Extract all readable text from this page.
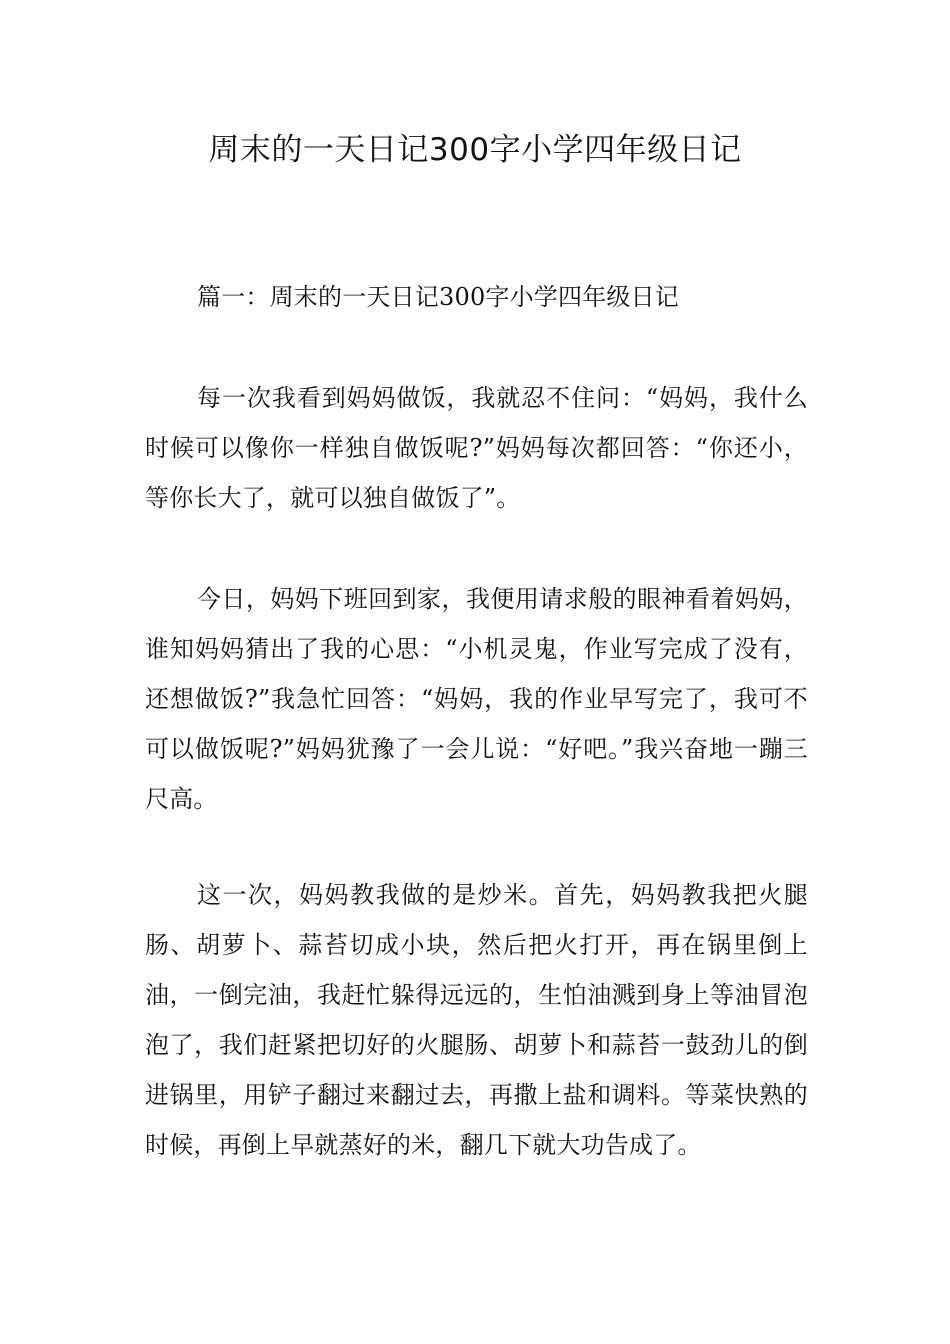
周末的一天日记300字小学四年级日记

篇一：周末的一天日记300字小学四年级日记

每一次我看到妈妈做饭，我就忍不住问：“妈妈，我什么时候可以像你一样独自做饭呢?”妈妈每次都回答：“你还小，等你长大了，就可以独自做饭了”。

今日，妈妈下班回到家，我便用请求般的眼神看着妈妈，谁知妈妈猜出了我的心思：“小机灵鬼，作业写完成了没有，还想做饭?”我急忙回答：“妈妈，我的作业早写完了，我可不可以做饭呢?”妈妈犹豫了一会儿说：“好吧。”我兴奋地一蹦三尺高。

这一次，妈妈教我做的是炒米。首先，妈妈教我把火腿肠、胡萝卜、蒜苔切成小块，然后把火打开，再在锅里倒上油，一倒完油，我赶忙躲得远远的，生怕油溅到身上等油冒泡泡了，我们赶紧把切好的火腿肠、胡萝卜和蒜苔一鼓劲儿的倒进锅里，用铲子翻过来翻过去，再撒上盐和调料。等菜快熟的时候，再倒上早就蒸好的米，翻几下就大功告成了。
